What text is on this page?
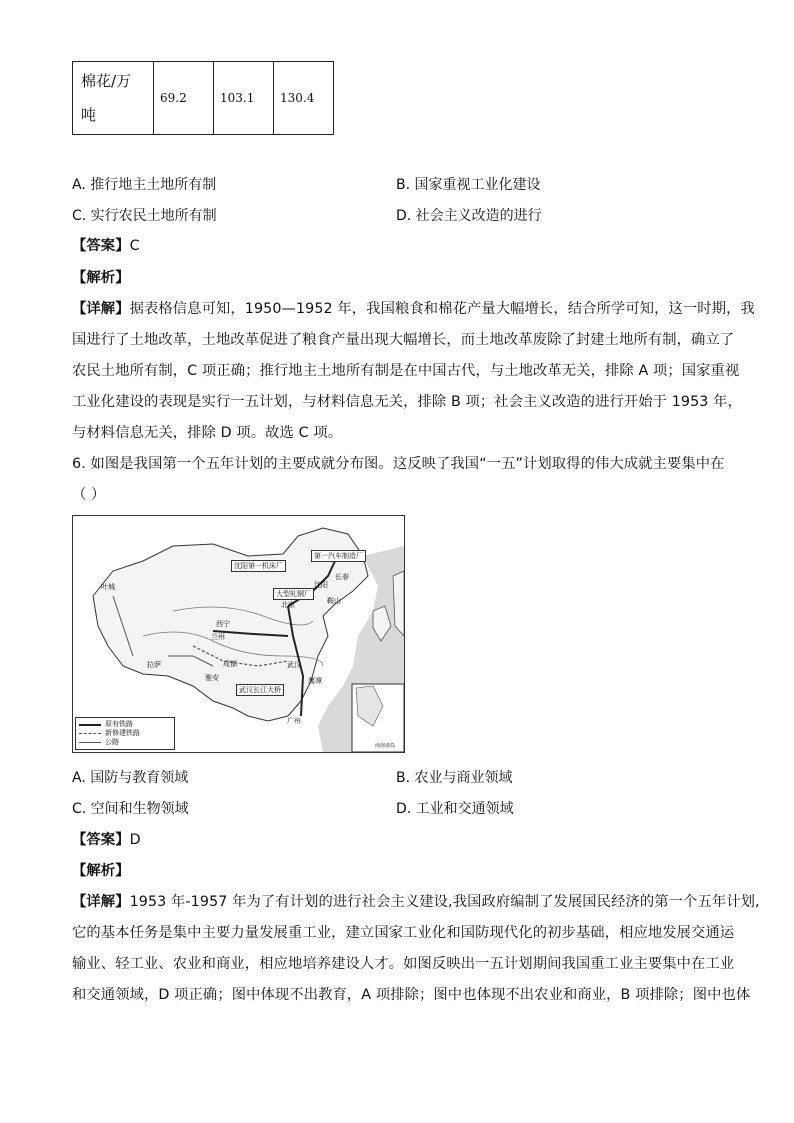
棉花/万
吨	69.2	103.1	130.4
A. 推行地主土地所有制	B. 国家重视工业化建设
C. 实行农民土地所有制	D. 社会主义改造的进行
【答案】C
【解析】
【详解】据表格信息可知，1950—1952 年，我国粮食和棉花产量大幅增长，结合所学可知，这一时期，我
国进行了土地改革，土地改革促进了粮食产量出现大幅增长，而土地改革废除了封建土地所有制，确立了
农民土地所有制，C 项正确；推行地主土地所有制是在中国古代，与土地改革无关，排除 A 项；国家重视
工业化建设的表现是实行一五计划，与材料信息无关，排除 B 项；社会主义改造的进行开始于 1953 年，
与材料信息无关，排除 D 项。故选 C 项。
6. 如图是我国第一个五年计划的主要成就分布图。这反映了我国“一五”计划取得的伟大成就主要集中在
（ ）
第一汽车制造厂
沈阳第一机床厂
大型轧钢厂
武汉长江大桥
沈阳
长春
北京	鞍山
西宁
兰州
成都	武汉
拉萨
雅安
广州
鹰潭
叶城
原有铁路
新修建铁路
公路	南海诸岛
A. 国防与教育领域	B. 农业与商业领域
C. 空间和生物领域	D. 工业和交通领域
【答案】D
【解析】
【详解】1953 年-1957 年为了有计划的进行社会主义建设,我国政府编制了发展国民经济的第一个五年计划,
它的基本任务是集中主要力量发展重工业，建立国家工业化和国防现代化的初步基础，相应地发展交通运
输业、轻工业、农业和商业，相应地培养建设人才。如图反映出一五计划期间我国重工业主要集中在工业
和交通领域，D 项正确；图中体现不出教育，A 项排除；图中也体现不出农业和商业，B 项排除；图中也体
